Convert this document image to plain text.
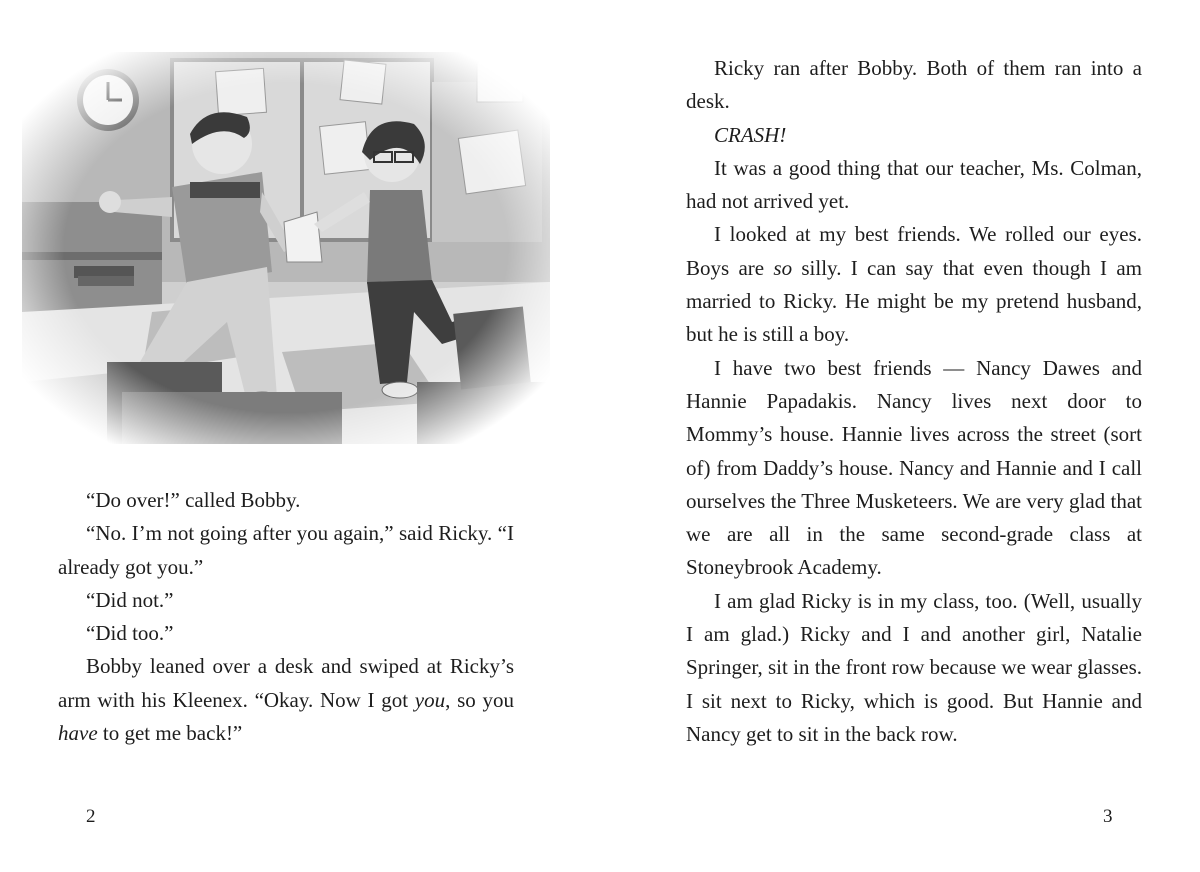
“Do over!” called Bobby.

“No. I’m not going after you again,” said Ricky. “I already got you.”

“Did not.”

“Did too.”

Bobby leaned over a desk and swiped at Ricky’s arm with his Kleenex. “Okay. Now I got you, so you have to get me back!”

2

Ricky ran after Bobby. Both of them ran into a desk.

CRASH!

It was a good thing that our teacher, Ms. Colman, had not arrived yet.

I looked at my best friends. We rolled our eyes. Boys are so silly. I can say that even though I am married to Ricky. He might be my pretend husband, but he is still a boy.

I have two best friends — Nancy Dawes and Hannie Papadakis. Nancy lives next door to Mommy’s house. Hannie lives across the street (sort of) from Daddy’s house. Nancy and Hannie and I call ourselves the Three Musketeers. We are very glad that we are all in the same second-grade class at Stoneybrook Academy.

I am glad Ricky is in my class, too. (Well, usually I am glad.) Ricky and I and another girl, Natalie Springer, sit in the front row because we wear glasses. I sit next to Ricky, which is good. But Hannie and Nancy get to sit in the back row.

3
